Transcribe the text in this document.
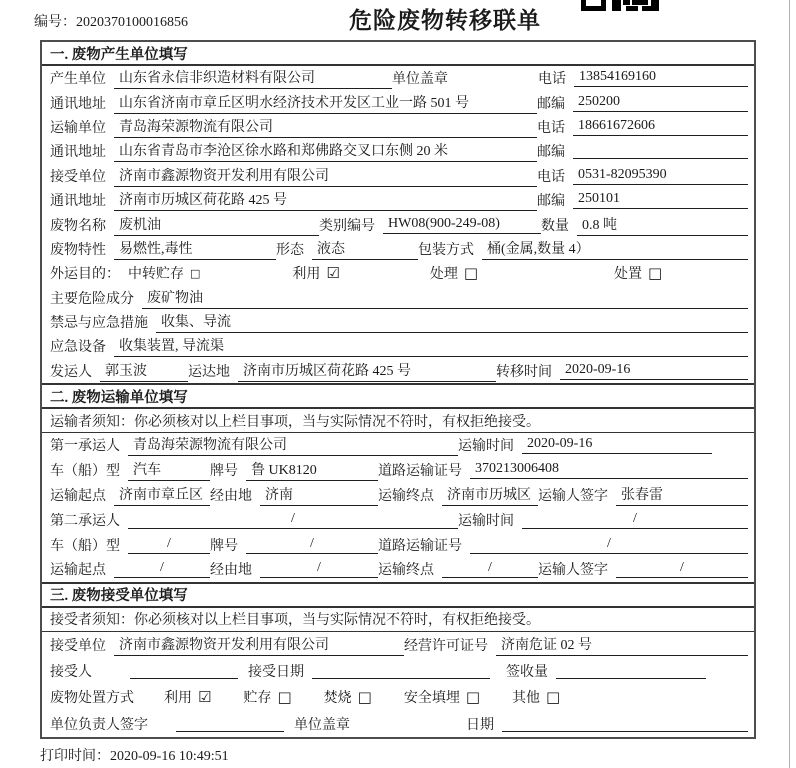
编号：2020370100016856	危险废物转移联单
一. 废物产生单位填写
产生单位 山东省永信非织造材料有限公司	单位盖章	电话 13854169160
通讯地址 山东省济南市章丘区明水经济技术开发区工业一路 501 号	邮编 250200
运输单位 青岛海荣源物流有限公司	电话 18661672606
通讯地址 山东省青岛市李沧区徐水路和郑佛路交叉口东侧 20 米	邮编
接受单位 济南市鑫源物资开发利用有限公司	电话 0531-82095390
通讯地址 济南市历城区荷花路 425 号	邮编 250101
废物名称 废机油	类别编号 HW08(900-249-08)	数量 0.8 吨
废物特性 易燃性,毒性	形态 液态	包装方式 桶(金属,数量 4）
外运目的： 中转贮存 □	利用 ☑	处理 □	处置 □
主要危险成分 废矿物油
禁忌与应急措施 收集、导流
应急设备 收集装置, 导流渠
发运人 郭玉波	运达地 济南市历城区荷花路 425 号	转移时间 2020-09-16
二. 废物运输单位填写
运输者须知：你必须核对以上栏目事项，当与实际情况不符时，有权拒绝接受。
第一承运人 青岛海荣源物流有限公司	运输时间 2020-09-16
车（船）型 汽车	牌号 鲁 UK8120	道路运输证号 370213006408
运输起点 济南市章丘区 经由地 济南	运输终点 济南市历城区 运输人签字 张春雷
第二承运人	/	运输时间	/
车（船）型	/	牌号	/	道路运输证号	/
运输起点	/	经由地	/	运输终点	/	运输人签字	/
三. 废物接受单位填写
接受者须知：你必须核对以上栏目事项，当与实际情况不符时，有权拒绝接受。
接受单位 济南市鑫源物资开发利用有限公司	经营许可证号 济南危证 02 号
接受人	接受日期	签收量
废物处置方式 利用 ☑ 贮存 □ 焚烧 □ 安全填埋 □ 其他 □
单位负责人签字	单位盖章	日期
打印时间：2020-09-16 10:49:51
